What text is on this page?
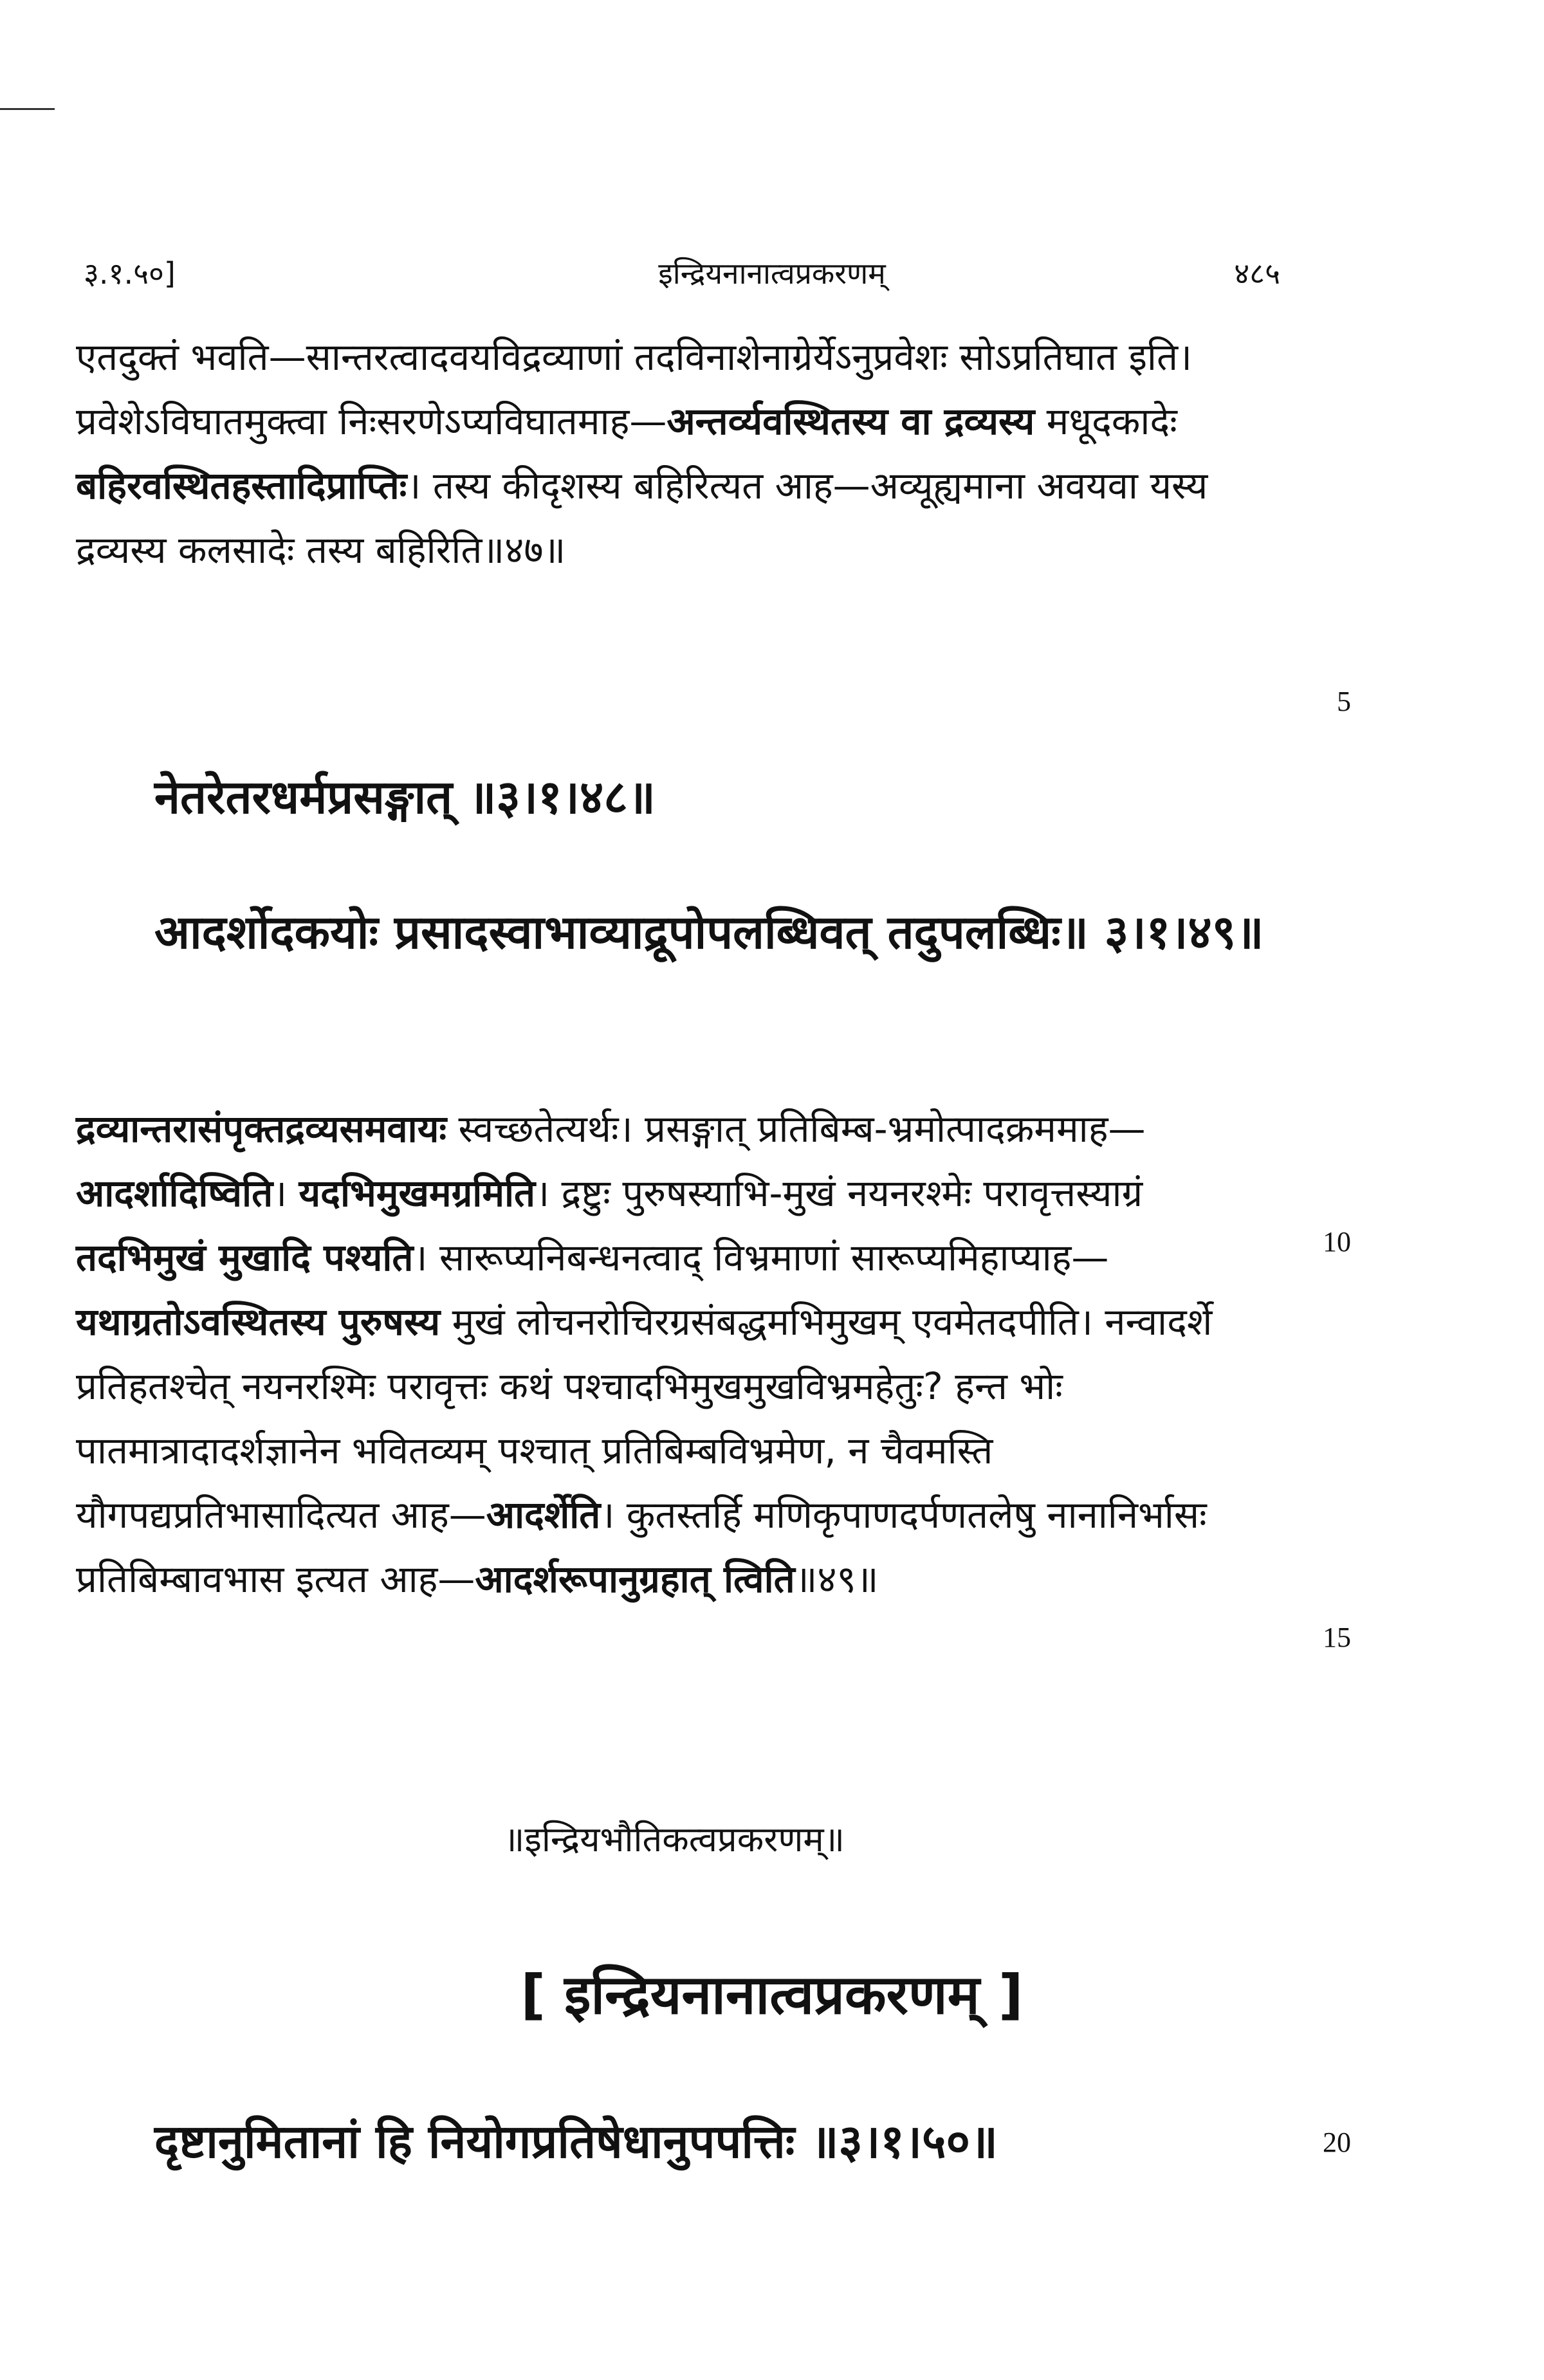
३.१.५०]	इन्द्रियनानात्वप्रकरणम्	४८५

एतदुक्तं भवति—सान्तरत्वादवयविद्रव्याणां तदविनाशेनाग्रेर्येऽनुप्रवेशः सोऽप्रतिघात इति। प्रवेशेऽविघातमुक्त्वा निःसरणेऽप्यविघातमाह—अन्तर्व्यवस्थितस्य वा द्रव्यस्य मधूदकादेः बहिरवस्थितहस्तादिप्राप्तिः। तस्य कीदृशस्य बहिरित्यत आह—अव्यूह्यमाना अवयवा यस्य द्रव्यस्य कलसादेः तस्य बहिरिति॥४७॥

नेतरेतरधर्मप्रसङ्गात् ॥३।१।४८॥

आदर्शोदकयोः प्रसादस्वाभाव्याद्रूपोपलब्धिवत् तदुपलब्धिः॥ ३।१।४९॥

द्रव्यान्तरासंपृक्तद्रव्यसमवायः स्वच्छतेत्यर्थः। प्रसङ्गात् प्रतिबिम्ब-भ्रमोत्पादक्रममाह—आदर्शादिष्विति। यदभिमुखमग्रमिति। द्रष्टुः पुरुषस्याभि-मुखं नयनरश्मेः परावृत्तस्याग्रं तदभिमुखं मुखादि पश्यति। सारूप्यनिबन्धनत्वाद् विभ्रमाणां सारूप्यमिहाप्याह—यथाग्रतोऽवस्थितस्य पुरुषस्य मुखं लोचनरोचिरग्रसंबद्धमभिमुखम् एवमेतदपीति। नन्वादर्शे प्रतिहतश्चेत् नयनरश्मिः परावृत्तः कथं पश्चादभिमुखमुखविभ्रमहेतुः? हन्त भोः पातमात्रादादर्शज्ञानेन भवितव्यम् पश्चात् प्रतिबिम्बविभ्रमेण, न चैवमस्ति यौगपद्यप्रतिभासादित्यत आह—आदर्शेति। कुतस्तर्हि मणिकृपाणदर्पणतलेषु नानानिर्भासः प्रतिबिम्बावभास इत्यत आह—आदर्शरूपानुग्रहात् त्विति॥४९॥

॥इन्द्रियभौतिकत्वप्रकरणम्॥
[ इन्द्रियनानात्वप्रकरणम् ]

दृष्टानुमितानां हि नियोगप्रतिषेधानुपपत्तिः ॥३।१।५०॥

5
10
15
20
